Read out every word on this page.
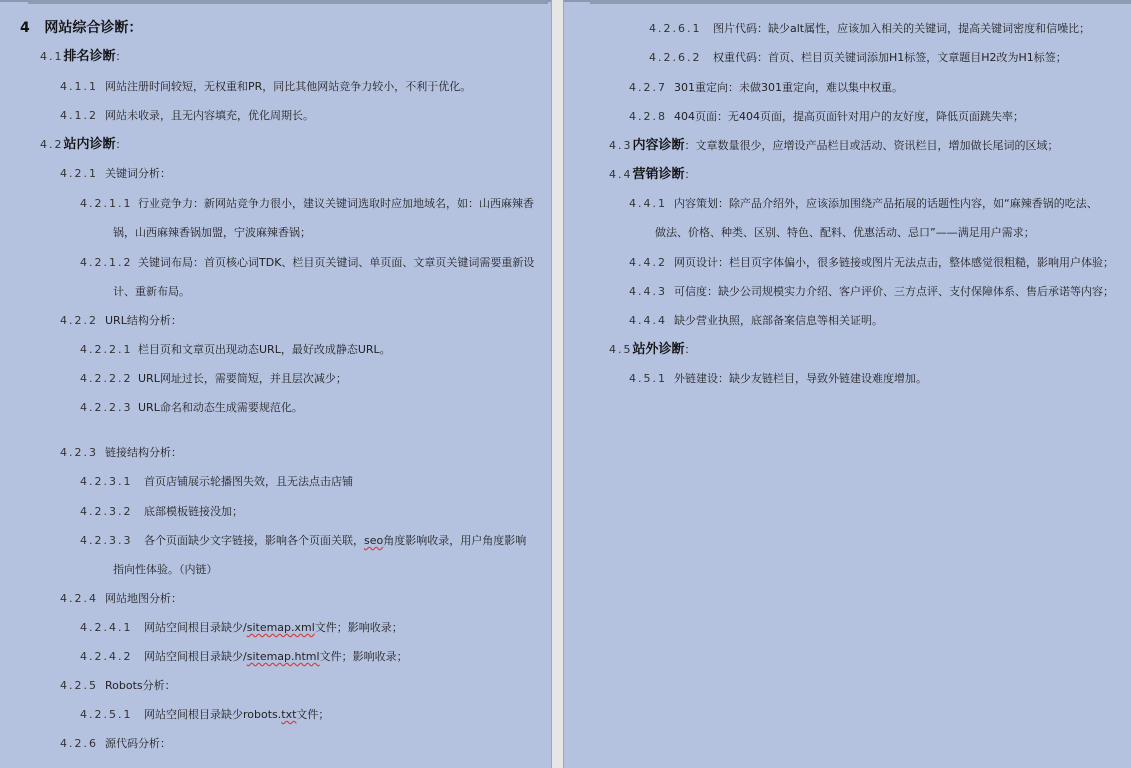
4 网站综合诊断：
4.1排名诊断：
4.1.1 网站注册时间较短，无权重和PR，同比其他网站竞争力较小，不利于优化。
4.1.2 网站未收录，且无内容填充，优化周期长。
4.2站内诊断：
4.2.1 关键词分析：
4.2.1.1 行业竞争力：新网站竞争力很小，建议关键词选取时应加地域名，如：山西麻辣香
锅，山西麻辣香锅加盟，宁波麻辣香锅；
4.2.1.2 关键词布局：首页核心词TDK、栏目页关键词、单页面、文章页关键词需要重新设
计、重新布局。
4.2.2 URL结构分析：
4.2.2.1 栏目页和文章页出现动态URL，最好改成静态URL。
4.2.2.2 URL网址过长，需要简短，并且层次减少；
4.2.2.3 URL命名和动态生成需要规范化。
4.2.3 链接结构分析：
4.2.3.1 首页店铺展示轮播图失效，且无法点击店铺
4.2.3.2 底部模板链接没加；
4.2.3.3 各个页面缺少文字链接，影响各个页面关联，seo角度影响收录，用户角度影响
指向性体验。（内链）
4.2.4 网站地图分析：
4.2.4.1 网站空间根目录缺少/sitemap.xml文件；影响收录；
4.2.4.2 网站空间根目录缺少/sitemap.html文件；影响收录；
4.2.5 Robots分析：
4.2.5.1 网站空间根目录缺少robots.txt文件；
4.2.6 源代码分析：
4.2.6.1 图片代码：缺少alt属性，应该加入相关的关键词，提高关键词密度和信噪比；
4.2.6.2 权重代码：首页、栏目页关键词添加H1标签，文章题目H2改为H1标签；
4.2.7 301重定向：未做301重定向，难以集中权重。
4.2.8 404页面：无404页面，提高页面针对用户的友好度，降低页面跳失率；
4.3内容诊断：文章数量很少，应增设产品栏目或活动、资讯栏目，增加做长尾词的区域；
4.4营销诊断：
4.4.1 内容策划：除产品介绍外，应该添加围绕产品拓展的话题性内容，如“麻辣香锅的吃法、
做法、价格、种类、区别、特色、配料、优惠活动、忌口”——满足用户需求；
4.4.2 网页设计：栏目页字体偏小，很多链接或图片无法点击，整体感觉很粗糙，影响用户体验；
4.4.3 可信度：缺少公司规模实力介绍、客户评价、三方点评、支付保障体系、售后承诺等内容；
4.4.4 缺少营业执照，底部备案信息等相关证明。
4.5站外诊断：
4.5.1 外链建设：缺少友链栏目，导致外链建设难度增加。
